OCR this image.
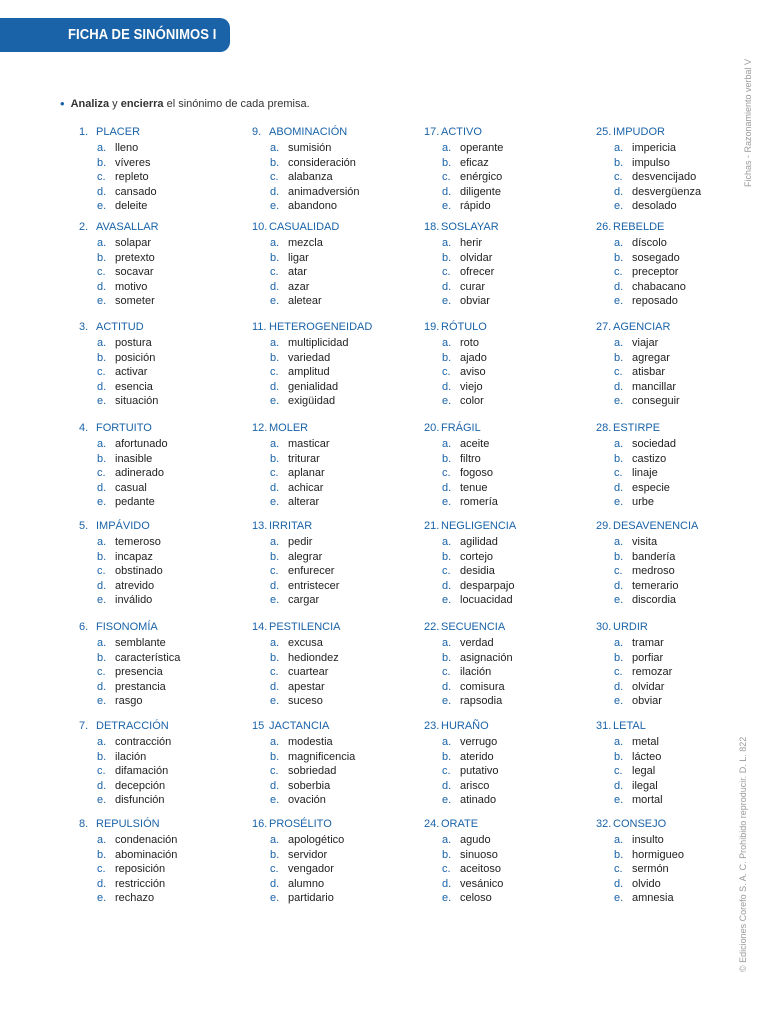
FICHA DE SINÓNIMOS I
Fichas - Razonamiento verbal V
© Ediciones Corefo S. A. C. Prohibido reproducir. D. L. 822
• Analiza y encierra el sinónimo de cada premisa.
1. PLACER
a. lleno
b. víveres
c. repleto
d. cansado
e. deleite
2. AVASALLAR
a. solapar
b. pretexto
c. socavar
d. motivo
e. someter
3. ACTITUD
a. postura
b. posición
c. activar
d. esencia
e. situación
4. FORTUITO
a. afortunado
b. inasible
c. adinerado
d. casual
e. pedante
5. IMPÁVIDO
a. temeroso
b. incapaz
c. obstinado
d. atrevido
e. inválido
6. FISONOMÍA
a. semblante
b. característica
c. presencia
d. prestancia
e. rasgo
7. DETRACCIÓN
a. contracción
b. ilación
c. difamación
d. decepción
e. disfunción
8. REPULSIÓN
a. condenación
b. abominación
c. reposición
d. restricción
e. rechazo
9. ABOMINACIÓN
a. sumisión
b. consideración
c. alabanza
d. animadversión
e. abandono
10. CASUALIDAD
a. mezcla
b. ligar
c. atar
d. azar
e. aletear
11. HETEROGENEIDAD
a. multiplicidad
b. variedad
c. amplitud
d. genialidad
e. exigüidad
12. MOLER
a. masticar
b. triturar
c. aplanar
d. achicar
e. alterar
13. IRRITAR
a. pedir
b. alegrar
c. enfurecer
d. entristecer
e. cargar
14. PESTILENCIA
a. excusa
b. hediondez
c. cuartear
d. apestar
e. suceso
15 JACTANCIA
a. modestia
b. magnificencia
c. sobriedad
d. soberbia
e. ovación
16. PROSÉLITO
a. apologético
b. servidor
c. vengador
d. alumno
e. partidario
17. ACTIVO
a. operante
b. eficaz
c. enérgico
d. diligente
e. rápido
18. SOSLAYAR
a. herir
b. olvidar
c. ofrecer
d. curar
e. obviar
19. RÓTULO
a. roto
b. ajado
c. aviso
d. viejo
e. color
20. FRÁGIL
a. aceite
b. filtro
c. fogoso
d. tenue
e. romería
21. NEGLIGENCIA
a. agilidad
b. cortejo
c. desidia
d. desparpajo
e. locuacidad
22. SECUENCIA
a. verdad
b. asignación
c. ilación
d. comisura
e. rapsodia
23. HURAÑO
a. verrugo
b. aterido
c. putativo
d. arisco
e. atinado
24. ORATE
a. agudo
b. sinuoso
c. aceitoso
d. vesánico
e. celoso
25. IMPUDOR
a. impericia
b. impulso
c. desvencijado
d. desvergüenza
e. desolado
26. REBELDE
a. díscolo
b. sosegado
c. preceptor
d. chabacano
e. reposado
27. AGENCIAR
a. viajar
b. agregar
c. atisbar
d. mancillar
e. conseguir
28. ESTIRPE
a. sociedad
b. castizo
c. linaje
d. especie
e. urbe
29. DESAVENENCIA
a. visita
b. bandería
c. medroso
d. temerario
e. discordia
30. URDIR
a. tramar
b. porfiar
c. remozar
d. olvidar
e. obviar
31. LETAL
a. metal
b. lácteo
c. legal
d. ilegal
e. mortal
32. CONSEJO
a. insulto
b. hormigueo
c. sermón
d. olvido
e. amnesia
